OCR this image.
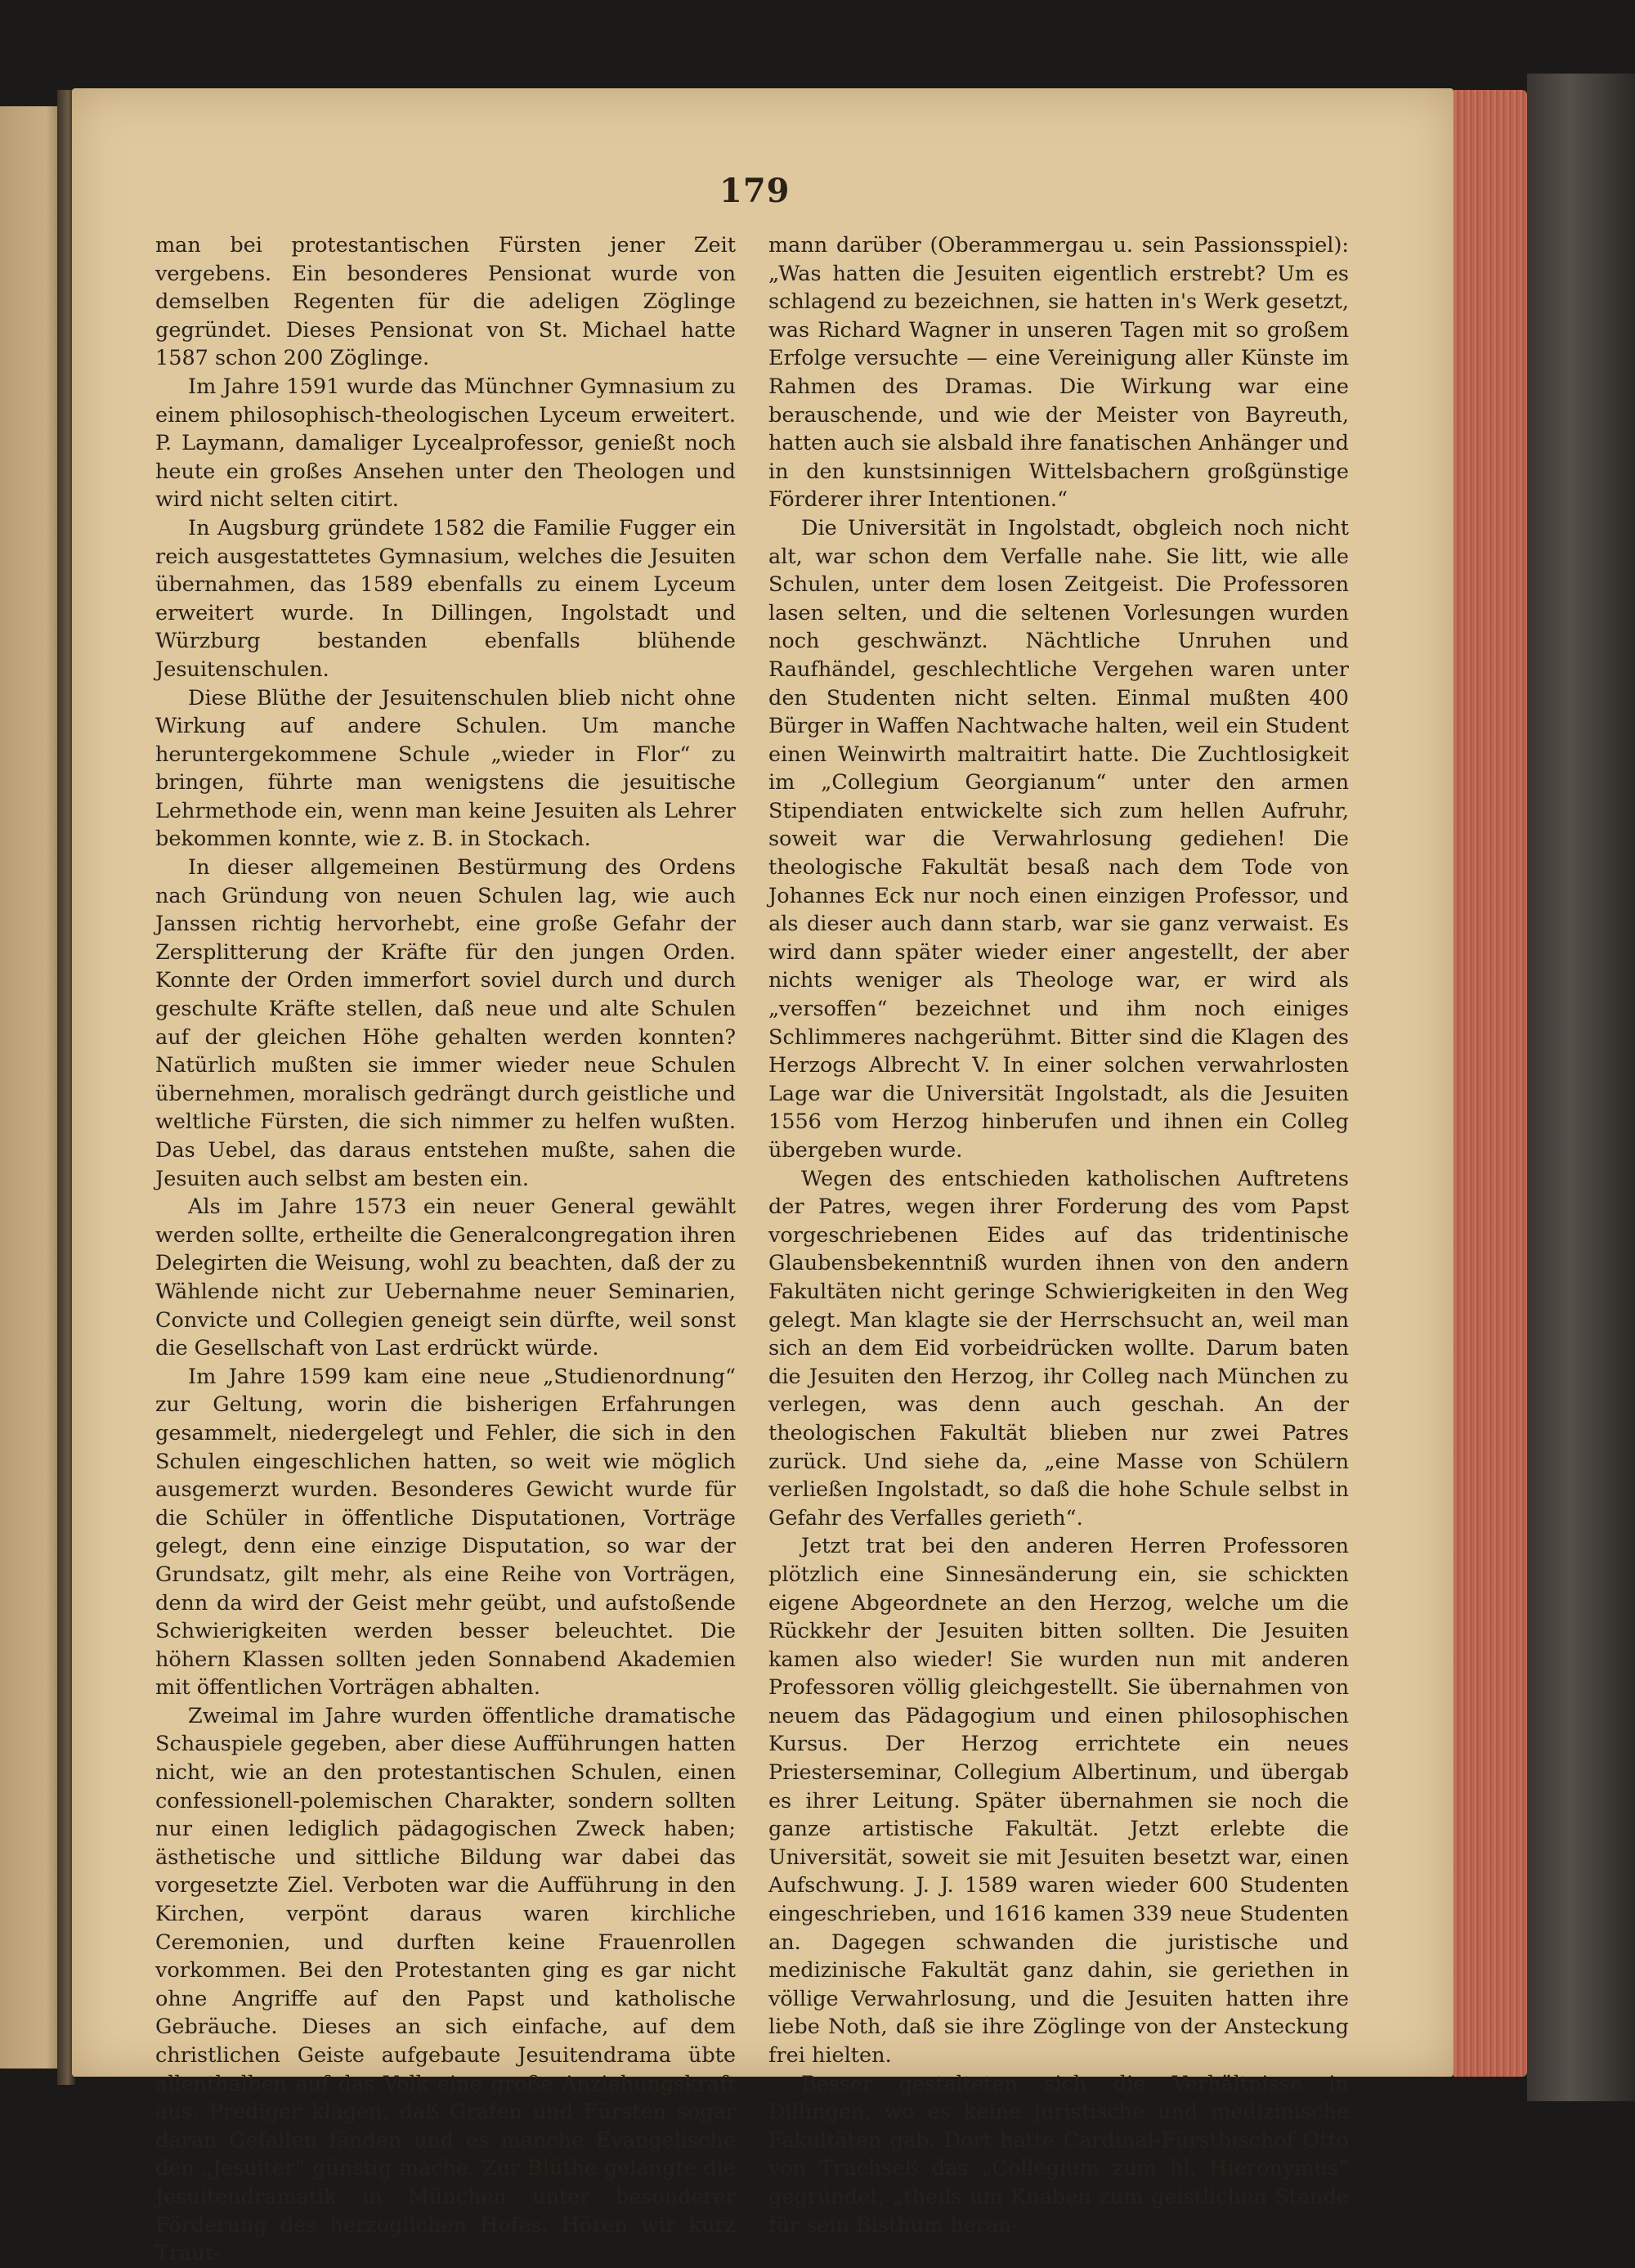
179

man bei protestantischen Fürsten jener Zeit vergebens. Ein besonderes Pensionat wurde von demselben Regenten für die adeligen Zöglinge gegründet. Dieses Pensionat von St. Michael hatte 1587 schon 200 Zöglinge.

Im Jahre 1591 wurde das Münchner Gymnasium zu einem philosophisch-theologischen Lyceum erweitert. P. Laymann, damaliger Lycealprofessor, genießt noch heute ein großes Ansehen unter den Theologen und wird nicht selten citirt.

In Augsburg gründete 1582 die Familie Fugger ein reich ausgestattetes Gymnasium, welches die Jesuiten übernahmen, das 1589 ebenfalls zu einem Lyceum erweitert wurde. In Dillingen, Ingolstadt und Würzburg bestanden ebenfalls blühende Jesuitenschulen.

Diese Blüthe der Jesuitenschulen blieb nicht ohne Wirkung auf andere Schulen. Um manche heruntergekommene Schule „wieder in Flor“ zu bringen, führte man wenigstens die jesuitische Lehrmethode ein, wenn man keine Jesuiten als Lehrer bekommen konnte, wie z. B. in Stockach.

In dieser allgemeinen Bestürmung des Ordens nach Gründung von neuen Schulen lag, wie auch Janssen richtig hervorhebt, eine große Gefahr der Zersplitterung der Kräfte für den jungen Orden. Konnte der Orden immerfort soviel durch und durch geschulte Kräfte stellen, daß neue und alte Schulen auf der gleichen Höhe gehalten werden konnten? Natürlich mußten sie immer wieder neue Schulen übernehmen, moralisch gedrängt durch geistliche und weltliche Fürsten, die sich nimmer zu helfen wußten. Das Uebel, das daraus entstehen mußte, sahen die Jesuiten auch selbst am besten ein.

Als im Jahre 1573 ein neuer General gewählt werden sollte, ertheilte die Generalcongregation ihren Delegirten die Weisung, wohl zu beachten, daß der zu Wählende nicht zur Uebernahme neuer Seminarien, Convicte und Collegien geneigt sein dürfte, weil sonst die Gesellschaft von Last erdrückt würde.

Im Jahre 1599 kam eine neue „Studienordnung“ zur Geltung, worin die bisherigen Erfahrungen gesammelt, niedergelegt und Fehler, die sich in den Schulen eingeschlichen hatten, so weit wie möglich ausgemerzt wurden. Besonderes Gewicht wurde für die Schüler in öffentliche Disputationen, Vorträge gelegt, denn eine einzige Disputation, so war der Grundsatz, gilt mehr, als eine Reihe von Vorträgen, denn da wird der Geist mehr geübt, und aufstoßende Schwierigkeiten werden besser beleuchtet. Die höhern Klassen sollten jeden Sonnabend Akademien mit öffentlichen Vorträgen abhalten.

Zweimal im Jahre wurden öffentliche dramatische Schauspiele gegeben, aber diese Aufführungen hatten nicht, wie an den protestantischen Schulen, einen confessionell-polemischen Charakter, sondern sollten nur einen lediglich pädagogischen Zweck haben; ästhetische und sittliche Bildung war dabei das vorgesetzte Ziel. Verboten war die Aufführung in den Kirchen, verpönt daraus waren kirchliche Ceremonien, und durften keine Frauenrollen vorkommen. Bei den Protestanten ging es gar nicht ohne Angriffe auf den Papst und katholische Gebräuche. Dieses an sich einfache, auf dem christlichen Geiste aufgebaute Jesuitendrama übte allenthalben auf das Volk eine große Anziehungskraft aus. Prediger klagen, daß Grafen und Fürsten sogar daran Gefallen fänden und es manche Evangelische den „Jesuiter“ günstig mache. Zur Blüthe gelangte die Jesuitendramatik in München unter besonderer Förderung des herzoglichen Hofes. Hören wir kurz Traut-

mann darüber (Oberammergau u. sein Passionsspiel): „Was hatten die Jesuiten eigentlich erstrebt? Um es schlagend zu bezeichnen, sie hatten in's Werk gesetzt, was Richard Wagner in unseren Tagen mit so großem Erfolge versuchte — eine Vereinigung aller Künste im Rahmen des Dramas. Die Wirkung war eine berauschende, und wie der Meister von Bayreuth, hatten auch sie alsbald ihre fanatischen Anhänger und in den kunstsinnigen Wittelsbachern großgünstige Förderer ihrer Intentionen.“

Die Universität in Ingolstadt, obgleich noch nicht alt, war schon dem Verfalle nahe. Sie litt, wie alle Schulen, unter dem losen Zeitgeist. Die Professoren lasen selten, und die seltenen Vorlesungen wurden noch geschwänzt. Nächtliche Unruhen und Raufhändel, geschlechtliche Vergehen waren unter den Studenten nicht selten. Einmal mußten 400 Bürger in Waffen Nachtwache halten, weil ein Student einen Weinwirth maltraitirt hatte. Die Zuchtlosigkeit im „Collegium Georgianum“ unter den armen Stipendiaten entwickelte sich zum hellen Aufruhr, soweit war die Verwahrlosung gediehen! Die theologische Fakultät besaß nach dem Tode von Johannes Eck nur noch einen einzigen Professor, und als dieser auch dann starb, war sie ganz verwaist. Es wird dann später wieder einer angestellt, der aber nichts weniger als Theologe war, er wird als „versoffen“ bezeichnet und ihm noch einiges Schlimmeres nachgerühmt. Bitter sind die Klagen des Herzogs Albrecht V. In einer solchen verwahrlosten Lage war die Universität Ingolstadt, als die Jesuiten 1556 vom Herzog hinberufen und ihnen ein Colleg übergeben wurde.

Wegen des entschieden katholischen Auftretens der Patres, wegen ihrer Forderung des vom Papst vorgeschriebenen Eides auf das tridentinische Glaubensbekenntniß wurden ihnen von den andern Fakultäten nicht geringe Schwierigkeiten in den Weg gelegt. Man klagte sie der Herrschsucht an, weil man sich an dem Eid vorbeidrücken wollte. Darum baten die Jesuiten den Herzog, ihr Colleg nach München zu verlegen, was denn auch geschah. An der theologischen Fakultät blieben nur zwei Patres zurück. Und siehe da, „eine Masse von Schülern verließen Ingolstadt, so daß die hohe Schule selbst in Gefahr des Verfalles gerieth“.

Jetzt trat bei den anderen Herren Professoren plötzlich eine Sinnesänderung ein, sie schickten eigene Abgeordnete an den Herzog, welche um die Rückkehr der Jesuiten bitten sollten. Die Jesuiten kamen also wieder! Sie wurden nun mit anderen Professoren völlig gleichgestellt. Sie übernahmen von neuem das Pädagogium und einen philosophischen Kursus. Der Herzog errichtete ein neues Priesterseminar, Collegium Albertinum, und übergab es ihrer Leitung. Später übernahmen sie noch die ganze artistische Fakultät. Jetzt erlebte die Universität, soweit sie mit Jesuiten besetzt war, einen Aufschwung. J. J. 1589 waren wieder 600 Studenten eingeschrieben, und 1616 kamen 339 neue Studenten an. Dagegen schwanden die juristische und medizinische Fakultät ganz dahin, sie geriethen in völlige Verwahrlosung, und die Jesuiten hatten ihre liebe Noth, daß sie ihre Zöglinge von der Ansteckung frei hielten.

Besser gestalteten sich die Verhältnisse in Dillingen, wo es keine juristische und medizinische Fakultäten gab. Dort hatte Cardinal-Fürstbischof Otto von Truchseß das „Collegium zum hl. Hieronymus“ gegründet, „theils um Knaben zum geistlichen Stande für sein Bisthum heran-
